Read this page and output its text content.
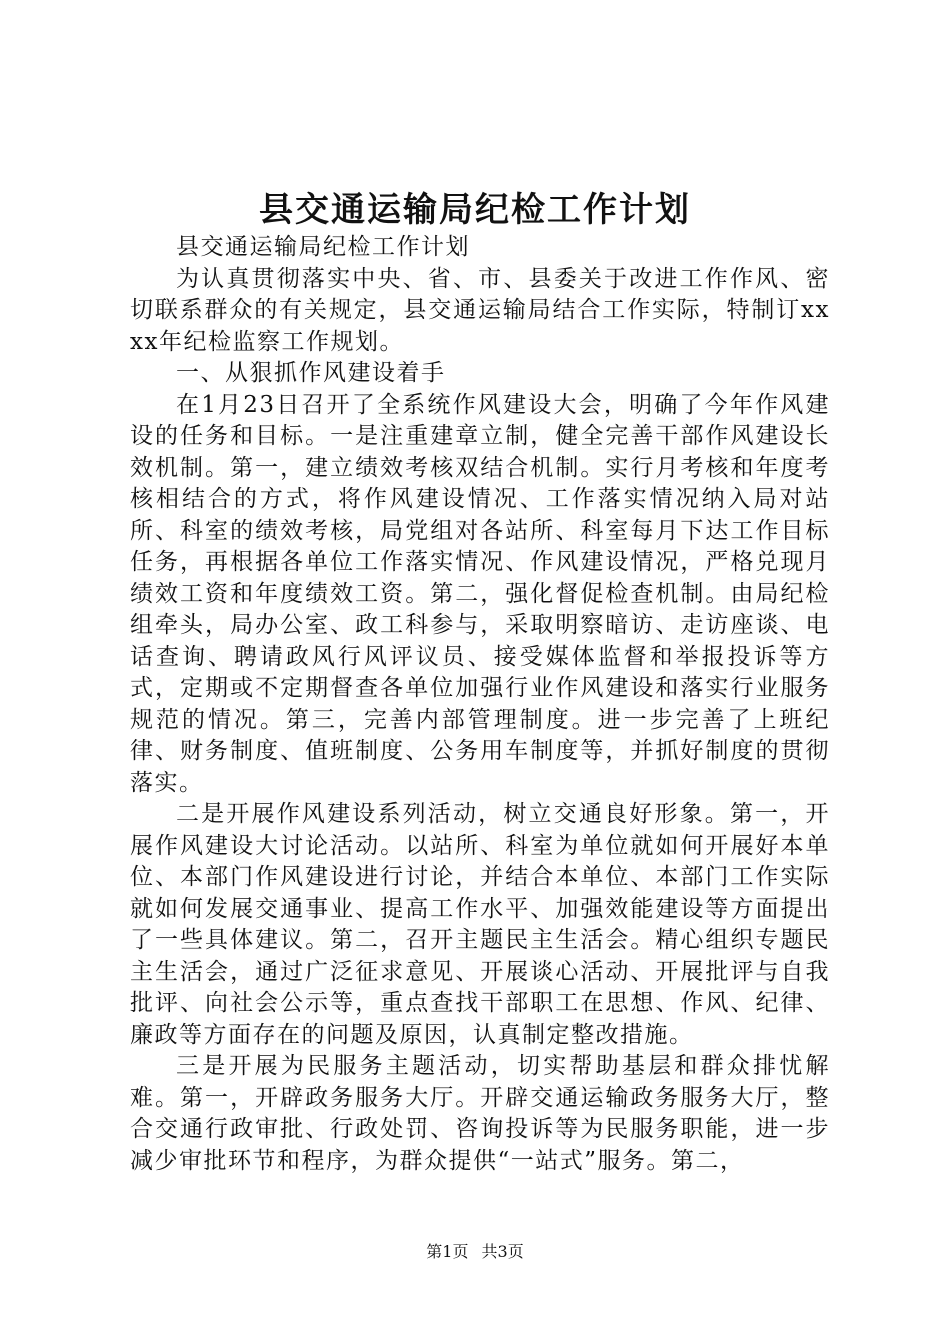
县交通运输局纪检工作计划

县交通运输局纪检工作计划

为认真贯彻落实中央、省、市、县委关于改进工作作风、密切联系群众的有关规定，县交通运输局结合工作实际，特制订xxxx年纪检监察工作规划。

一、从狠抓作风建设着手

在1月23日召开了全系统作风建设大会，明确了今年作风建设的任务和目标。一是注重建章立制，健全完善干部作风建设长效机制。第一，建立绩效考核双结合机制。实行月考核和年度考核相结合的方式，将作风建设情况、工作落实情况纳入局对站所、科室的绩效考核，局党组对各站所、科室每月下达工作目标任务，再根据各单位工作落实情况、作风建设情况，严格兑现月绩效工资和年度绩效工资。第二，强化督促检查机制。由局纪检组牵头，局办公室、政工科参与，采取明察暗访、走访座谈、电话查询、聘请政风行风评议员、接受媒体监督和举报投诉等方式，定期或不定期督查各单位加强行业作风建设和落实行业服务规范的情况。第三，完善内部管理制度。进一步完善了上班纪律、财务制度、值班制度、公务用车制度等，并抓好制度的贯彻落实。

二是开展作风建设系列活动，树立交通良好形象。第一，开展作风建设大讨论活动。以站所、科室为单位就如何开展好本单位、本部门作风建设进行讨论，并结合本单位、本部门工作实际就如何发展交通事业、提高工作水平、加强效能建设等方面提出了一些具体建议。第二，召开主题民主生活会。精心组织专题民主生活会，通过广泛征求意见、开展谈心活动、开展批评与自我批评、向社会公示等，重点查找干部职工在思想、作风、纪律、廉政等方面存在的问题及原因，认真制定整改措施。

三是开展为民服务主题活动，切实帮助基层和群众排忧解难。第一，开辟政务服务大厅。开辟交通运输政务服务大厅，整合交通行政审批、行政处罚、咨询投诉等为民服务职能，进一步减少审批环节和程序，为群众提供“一站式”服务。第二，

第1页 共3页
